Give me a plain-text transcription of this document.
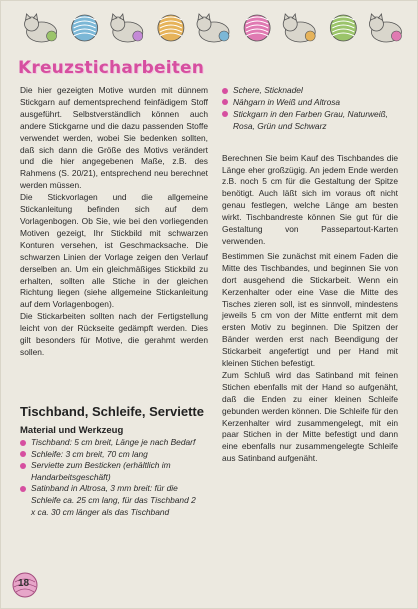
Kreuzsticharbeiten

Die hier gezeigten Motive wurden mit dünnem Stickgarn auf dementsprechend feinfädigem Stoff ausgeführt. Selbstverständlich können auch andere Stickgarne und die dazu passenden Stoffe verwendet werden, wobei Sie bedenken sollten, daß sich dann die Größe des Motivs verändert und die hier angegebenen Maße, z.B. des Rahmens (S. 20/21), entsprechend neu berechnet werden müssen.

Die Stickvorlagen und die allgemeine Stickanleitung befinden sich auf dem Vorlagenbogen. Ob Sie, wie bei den vorliegenden Motiven gezeigt, Ihr Stickbild mit schwarzen Konturen versehen, ist Geschmacksache. Die schwarzen Linien der Vorlage zeigen den Verlauf derselben an. Um ein gleichmäßiges Stickbild zu erhalten, sollten alle Stiche in der gleichen Richtung liegen (siehe allgemeine Stickanleitung auf dem Vorlagenbogen).

Die Stickarbeiten sollten nach der Fertigstellung leicht von der Rückseite gedämpft werden. Dies gilt besonders für Motive, die gerahmt werden sollen.

Tischband, Schleife, Serviette
Material und Werkzeug
Tischband: 5 cm breit, Länge je nach Bedarf
Schleife: 3 cm breit, 70 cm lang
Serviette zum Besticken (erhältlich im Handarbeitsgeschäft)
Satinband in Altrosa, 3 mm breit: für die Schleife ca. 25 cm lang, für das Tischband 2 x ca. 30 cm länger als das Tischband
Schere, Sticknadel
Nähgarn in Weiß und Altrosa
Stickgarn in den Farben Grau, Naturweiß, Rosa, Grün und Schwarz

Berechnen Sie beim Kauf des Tischbandes die Länge eher großzügig. An jedem Ende werden z.B. noch 5 cm für die Gestaltung der Spitze benötigt. Auch läßt sich im voraus oft nicht genau festlegen, welche Länge am besten wirkt. Tischbandreste können Sie gut für die Gestaltung von Passepartout-Karten verwenden.

Bestimmen Sie zunächst mit einem Faden die Mitte des Tischbandes, und beginnen Sie von dort ausgehend die Stickarbeit. Wenn ein Kerzenhalter oder eine Vase die Mitte des Tisches zieren soll, ist es sinnvoll, mindestens jeweils 5 cm von der Mitte entfernt mit dem ersten Motiv zu beginnen. Die Spitzen der Bänder werden erst nach Beendigung der Stickarbeit angefertigt und per Hand mit kleinen Stichen befestigt.

Zum Schluß wird das Satinband mit feinen Stichen ebenfalls mit der Hand so aufgenäht, daß die Enden zu einer kleinen Schleife gebunden werden können. Die Schleife für den Kerzenhalter wird zusammengelegt, mit ein paar Stichen in der Mitte befestigt und dann eine ebenfalls nur zusammengelegte Schleife aus Satinband aufgenäht.

18
